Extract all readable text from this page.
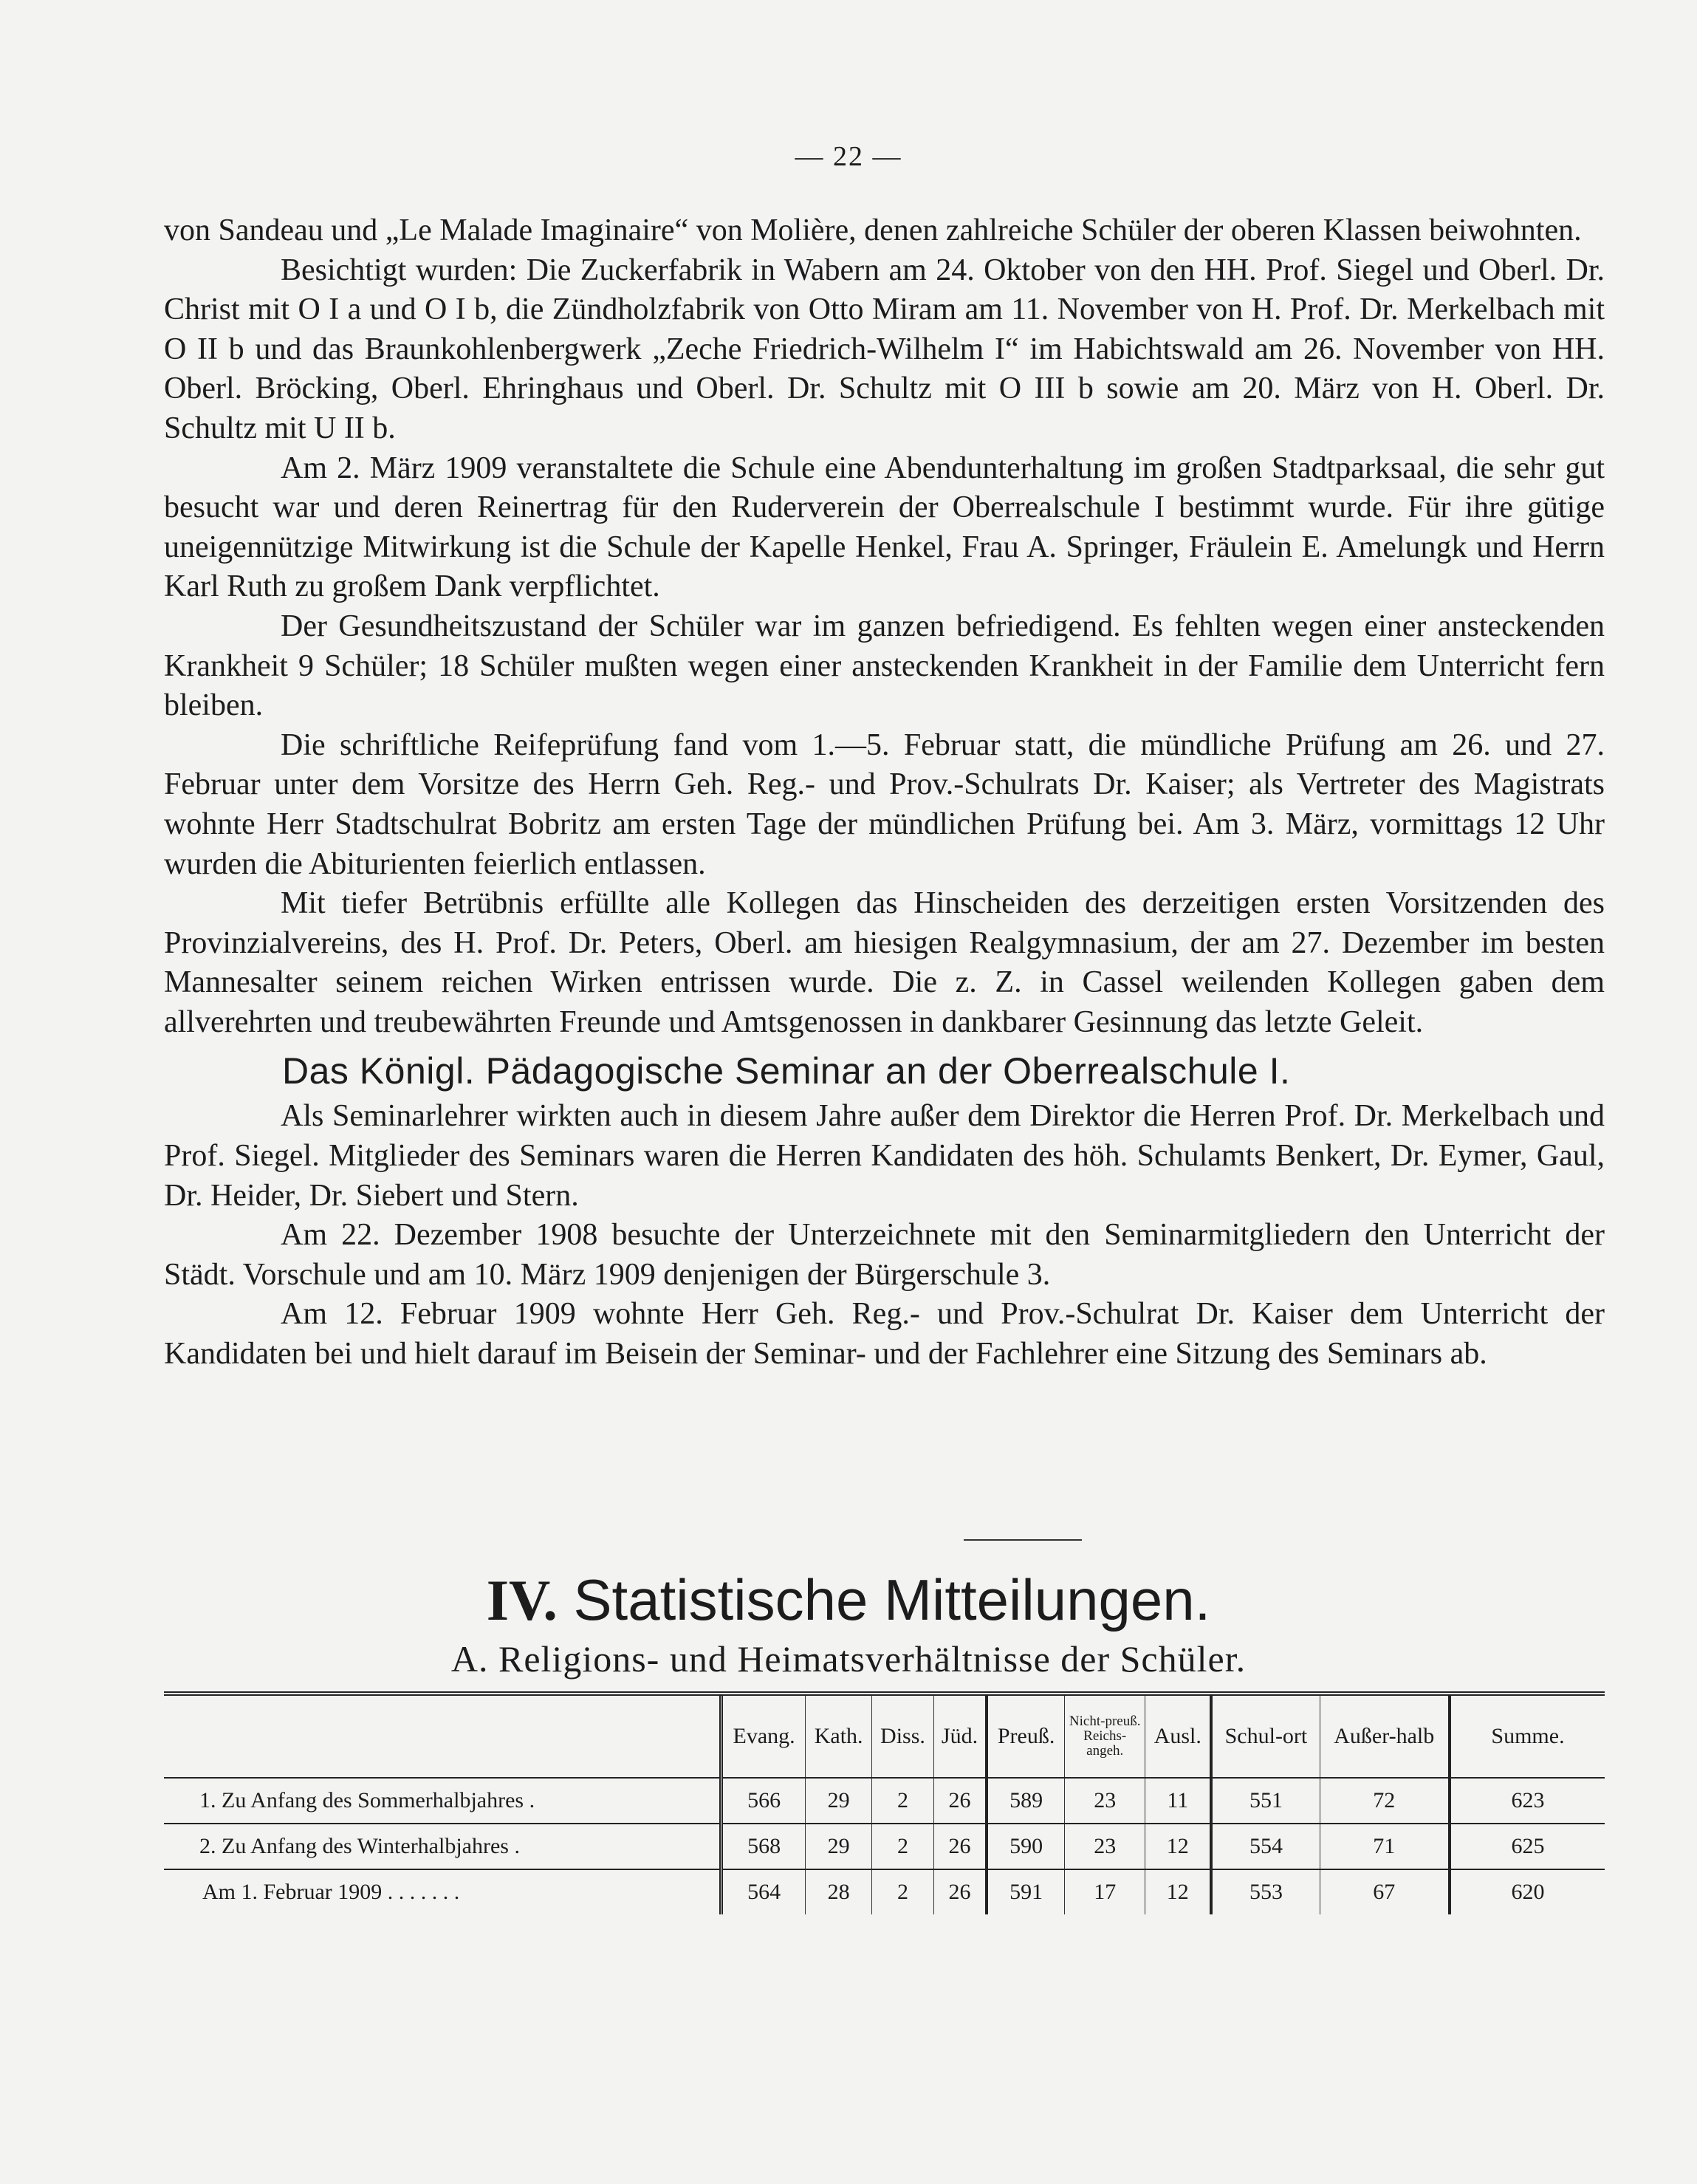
— 22 —

von Sandeau und „Le Malade Imaginaire“ von Molière, denen zahlreiche Schüler der oberen Klassen beiwohnten.

Besichtigt wurden: Die Zuckerfabrik in Wabern am 24. Oktober von den HH. Prof. Siegel und Oberl. Dr. Christ mit O I a und O I b, die Zündholzfabrik von Otto Miram am 11. November von H. Prof. Dr. Merkelbach mit O II b und das Braunkohlenbergwerk „Zeche Friedrich-Wilhelm I“ im Habichtswald am 26. November von HH. Oberl. Bröcking, Oberl. Ehringhaus und Oberl. Dr. Schultz mit O III b sowie am 20. März von H. Oberl. Dr. Schultz mit U II b.

Am 2. März 1909 veranstaltete die Schule eine Abendunterhaltung im großen Stadtparksaal, die sehr gut besucht war und deren Reinertrag für den Ruderverein der Oberrealschule I bestimmt wurde. Für ihre gütige uneigennützige Mitwirkung ist die Schule der Kapelle Henkel, Frau A. Springer, Fräulein E. Amelungk und Herrn Karl Ruth zu großem Dank verpflichtet.

Der Gesundheitszustand der Schüler war im ganzen befriedigend. Es fehlten wegen einer ansteckenden Krankheit 9 Schüler; 18 Schüler mußten wegen einer ansteckenden Krankheit in der Familie dem Unterricht fern bleiben.

Die schriftliche Reifeprüfung fand vom 1.—5. Februar statt, die mündliche Prüfung am 26. und 27. Februar unter dem Vorsitze des Herrn Geh. Reg.- und Prov.-Schulrats Dr. Kaiser; als Vertreter des Magistrats wohnte Herr Stadtschulrat Bobritz am ersten Tage der mündlichen Prüfung bei. Am 3. März, vormittags 12 Uhr wurden die Abiturienten feierlich entlassen.

Mit tiefer Betrübnis erfüllte alle Kollegen das Hinscheiden des derzeitigen ersten Vorsitzenden des Provinzialvereins, des H. Prof. Dr. Peters, Oberl. am hiesigen Realgymnasium, der am 27. Dezember im besten Mannesalter seinem reichen Wirken entrissen wurde. Die z. Z. in Cassel weilenden Kollegen gaben dem allverehrten und treubewährten Freunde und Amtsgenossen in dankbarer Gesinnung das letzte Geleit.

Das Königl. Pädagogische Seminar an der Oberrealschule I.

Als Seminarlehrer wirkten auch in diesem Jahre außer dem Direktor die Herren Prof. Dr. Merkelbach und Prof. Siegel. Mitglieder des Seminars waren die Herren Kandidaten des höh. Schulamts Benkert, Dr. Eymer, Gaul, Dr. Heider, Dr. Siebert und Stern.

Am 22. Dezember 1908 besuchte der Unterzeichnete mit den Seminarmitgliedern den Unterricht der Städt. Vorschule und am 10. März 1909 denjenigen der Bürgerschule 3.

Am 12. Februar 1909 wohnte Herr Geh. Reg.- und Prov.-Schulrat Dr. Kaiser dem Unterricht der Kandidaten bei und hielt darauf im Beisein der Seminar- und der Fachlehrer eine Sitzung des Seminars ab.

IV. Statistische Mitteilungen.
A. Religions- und Heimatsverhältnisse der Schüler.
	Evang.	Kath.	Diss.	Jüd.	Preuß.	Nicht-preuß. Reichs-angeh.	Ausl.	Schul-ort	Außer-halb	Summe.
1. Zu Anfang des Sommerhalbjahres .	566	29	2	26	589	23	11	551	72	623
2. Zu Anfang des Winterhalbjahres .	568	29	2	26	590	23	12	554	71	625
Am 1. Februar 1909 . . . . . . .	564	28	2	26	591	17	12	553	67	620
